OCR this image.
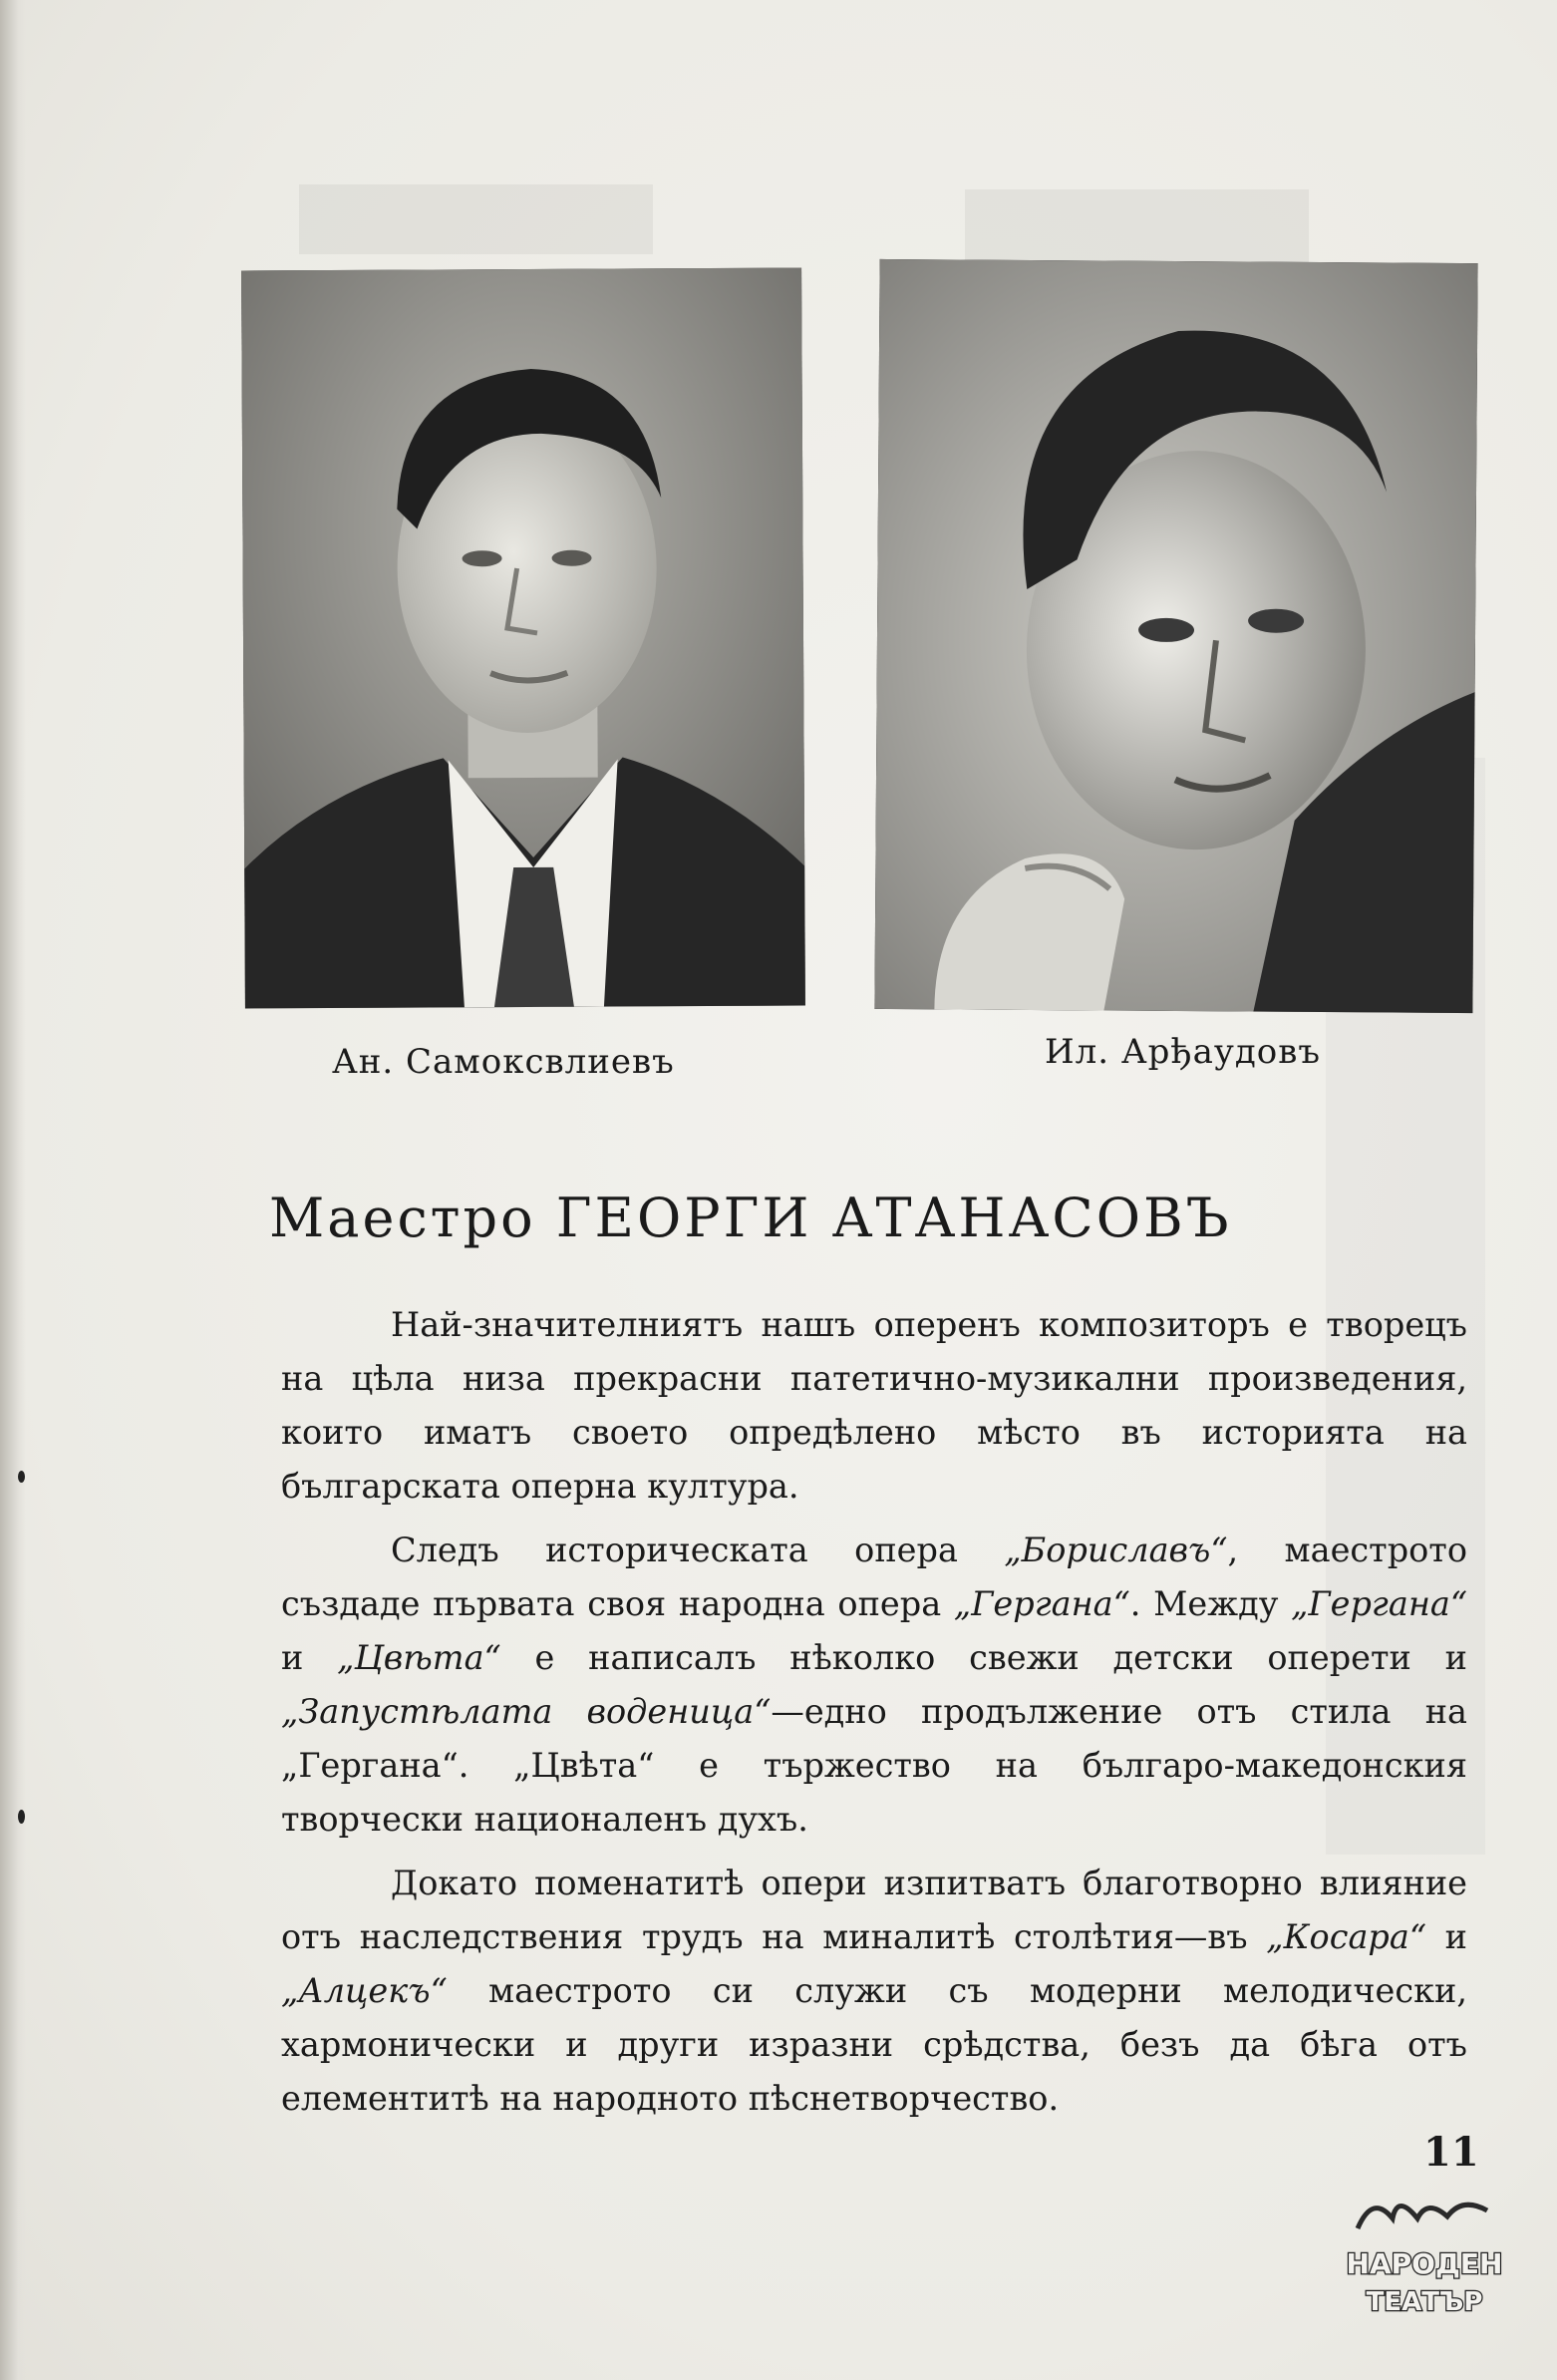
Ан. Самоксвлиевъ	Ил. Арђаудовъ
Маестро ГЕОРГИ АТАНАСОВЪ

Най-значителниятъ нашъ оперенъ композиторъ е творецъ на цѣла низа прекрасни патетично-музикални произведения, които иматъ своето опредѣлено мѣсто въ историята на българската оперна култура.

Следъ историческата опера „Бориславъ“, маестрото създаде първата своя народна опера „Гергана“. Между „Гергана“ и „Цвѣта“ е написалъ нѣколко свежи детски оперети и „Запустѣлата воденица“—едно продължение отъ стила на „Гергана“. „Цвѣта“ е тържество на българо-македонския творчески националенъ духъ.

Докато поменатитѣ опери изпитватъ благотворно влияние отъ наследствения трудъ на миналитѣ столѣтия—въ „Косара“ и „Алцекъ“ маестрото си служи съ модерни мелодически, хармонически и други изразни срѣдства, безъ да бѣга отъ елементитѣ на народното пѣснетворчество.

11
НАРОДЕН
ТЕАТЪР
